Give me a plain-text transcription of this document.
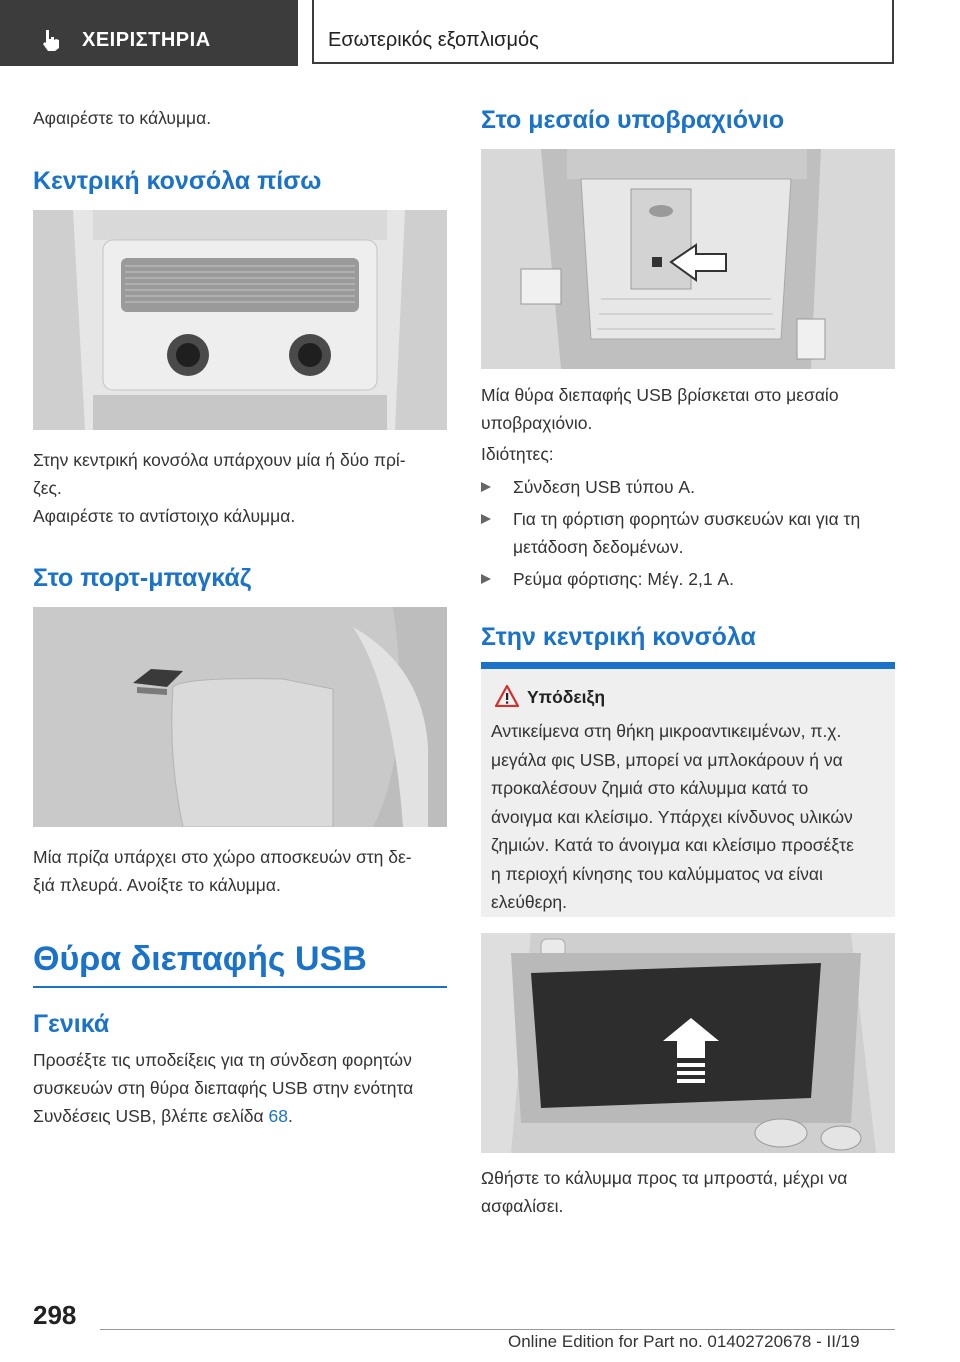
ΧΕΙΡΙΣΤΗΡΙΑ	Εσωτερικός εξοπλισμός

Αφαιρέστε το κάλυμμα.

Κεντρική κονσόλα πίσω

Στην κεντρική κονσόλα υπάρχουν μία ή δύο πρί-

ζες.

Αφαιρέστε το αντίστοιχο κάλυμμα.

Στο πορτ-μπαγκάζ

Μία πρίζα υπάρχει στο χώρο αποσκευών στη δε-

ξιά πλευρά. Ανοίξτε το κάλυμμα.

Θύρα διεπαφής USB
Γενικά

Προσέξτε τις υποδείξεις για τη σύνδεση φορητών

συσκευών στη θύρα διεπαφής USB στην ενότητα

Συνδέσεις USB, βλέπε σελίδα 68.

Στο μεσαίο υποβραχιόνιο

Μία θύρα διεπαφής USB βρίσκεται στο μεσαίο

υποβραχιόνιο.

Ιδιότητες:

Σύνδεση USB τύπου A.
Για τη φόρτιση φορητών συσκευών και για τη
μετάδοση δεδομένων.
Ρεύμα φόρτισης: Μέγ. 2,1 A.
Στην κεντρική κονσόλα
Υπόδειξη
Αντικείμενα στη θήκη μικροαντικειμένων, π.χ.
μεγάλα φις USB, μπορεί να μπλοκάρουν ή να
προκαλέσουν ζημιά στο κάλυμμα κατά το
άνοιγμα και κλείσιμο. Υπάρχει κίνδυνος υλικών
ζημιών. Κατά το άνοιγμα και κλείσιμο προσέξτε
η περιοχή κίνησης του καλύμματος να είναι
ελεύθερη.

Ωθήστε το κάλυμμα προς τα μπροστά, μέχρι να

ασφαλίσει.

298
Online Edition for Part no. 01402720678 - II/19
